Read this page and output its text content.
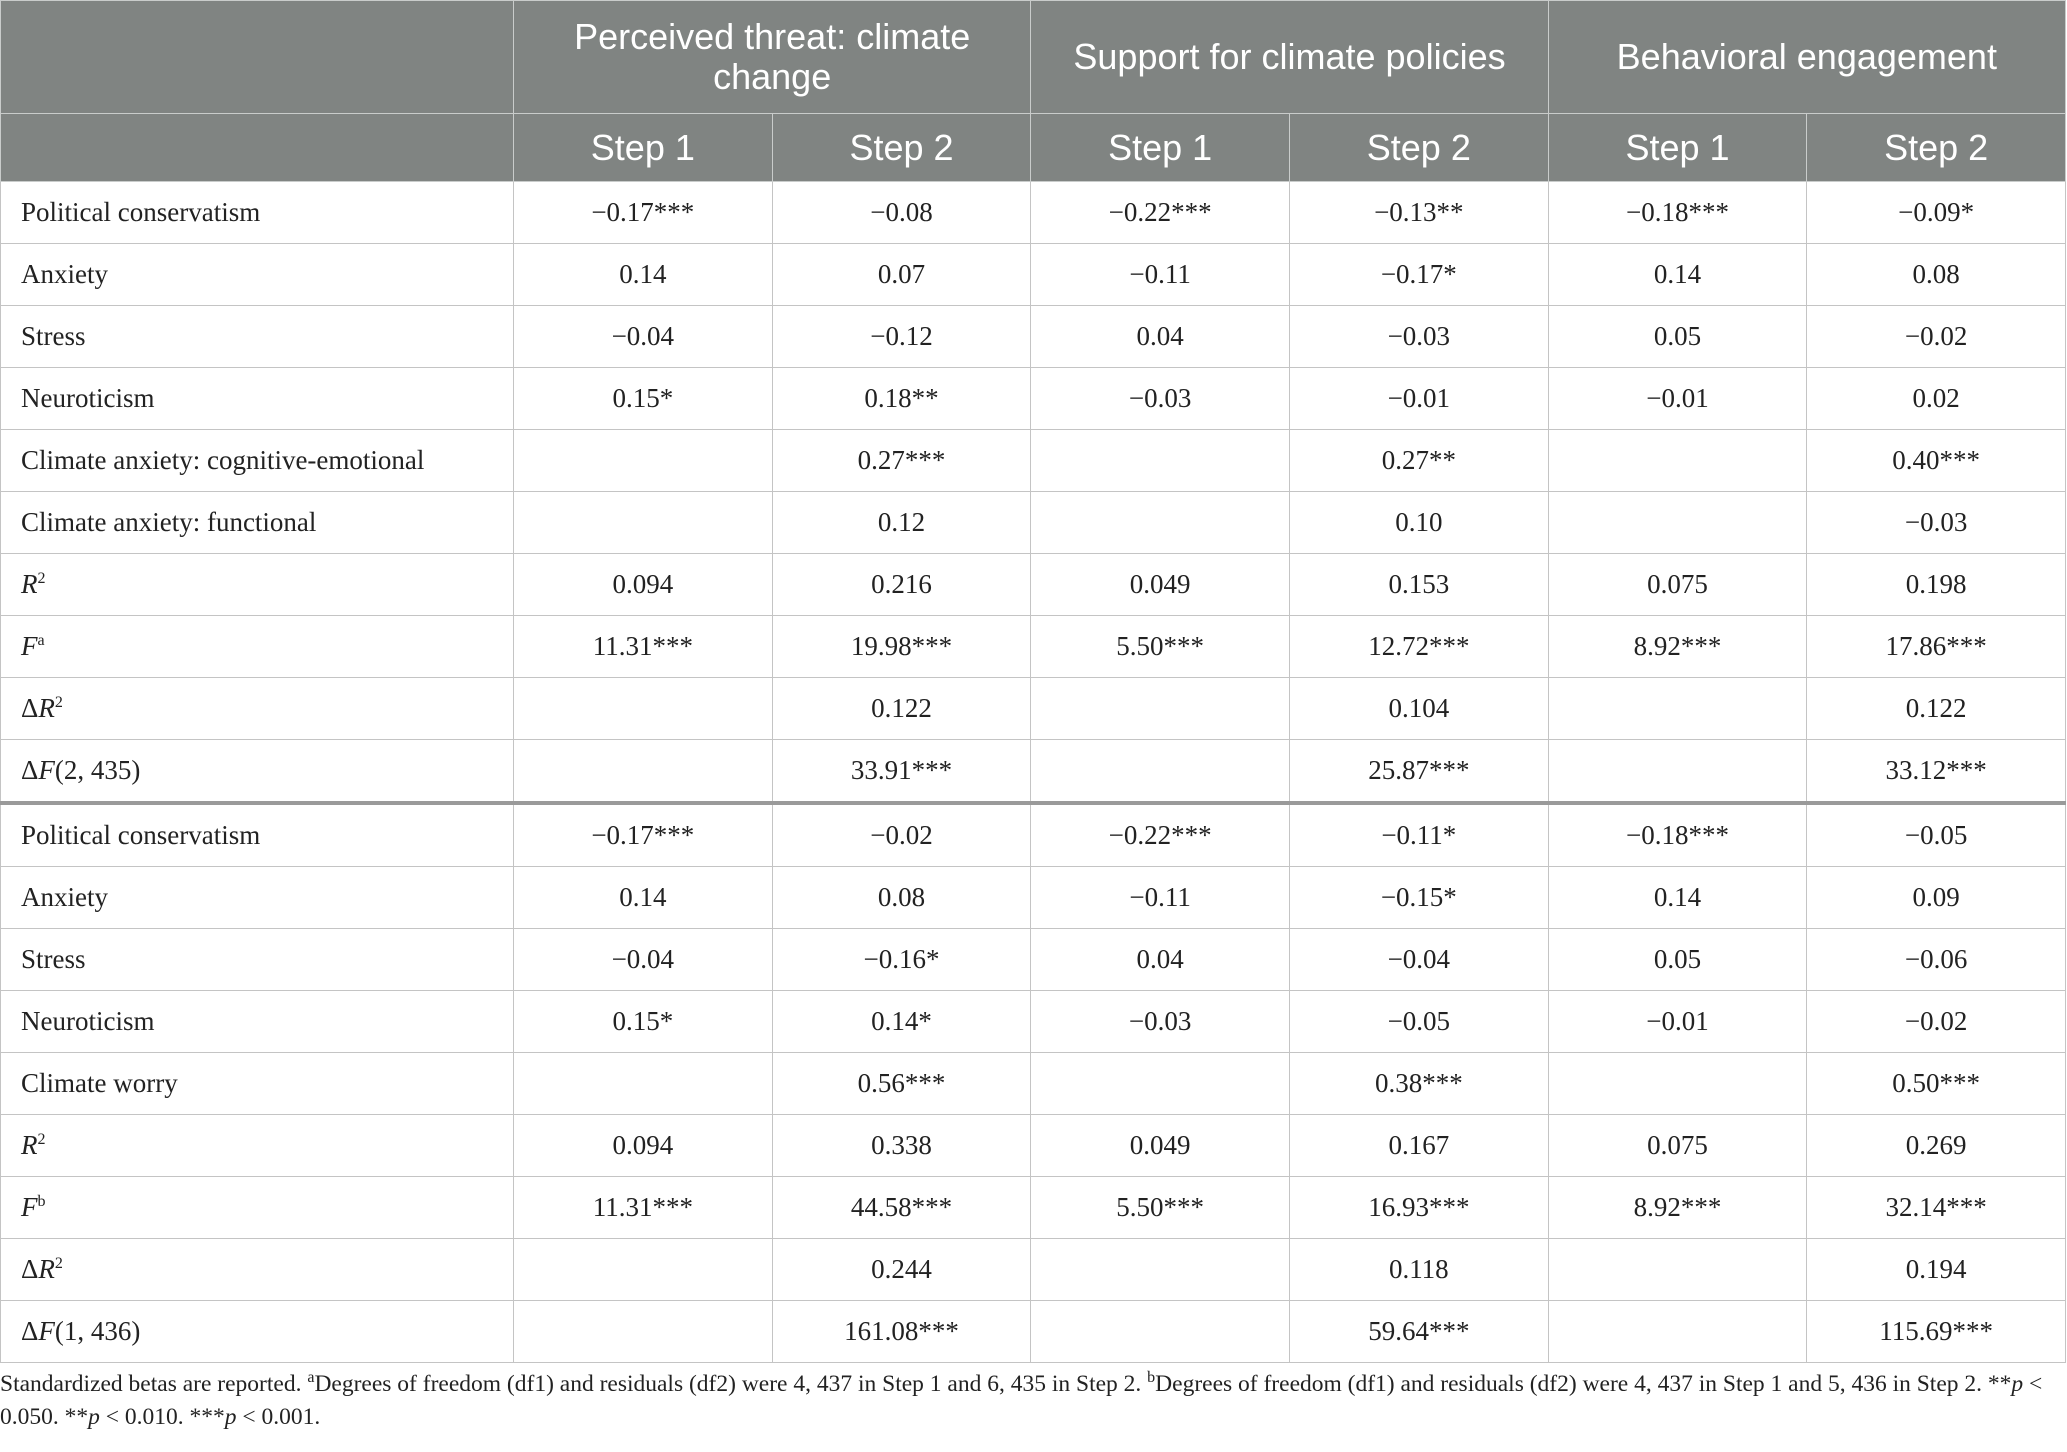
	Perceived threat: climate change		Support for climate policies		Behavioral engagement	
	Step 1	Step 2	Step 1	Step 2	Step 1	Step 2
Political conservatism	−0.17***	−0.08	−0.22***	−0.13**	−0.18***	−0.09*
Anxiety	0.14	0.07	−0.11	−0.17*	0.14	0.08
Stress	−0.04	−0.12	0.04	−0.03	0.05	−0.02
Neuroticism	0.15*	0.18**	−0.03	−0.01	−0.01	0.02
Climate anxiety: cognitive-emotional		0.27***		0.27**		0.40***
Climate anxiety: functional		0.12		0.10		−0.03
$R^2$	0.094	0.216	0.049	0.153	0.075	0.198
$F^a$	11.31***	19.98***	5.50***	12.72***	8.92***	17.86***
$\Delta R^2$		0.122		0.104		0.122
ΔF(2, 435)		33.91***		25.87***		33.12***
Political conservatism	−0.17***	−0.02	−0.22***	−0.11*	−0.18***	−0.05
Anxiety	0.14	0.08	−0.11	−0.15*	0.14	0.09
Stress	−0.04	−0.16*	0.04	−0.04	0.05	−0.06
Neuroticism	0.15*	0.14*	−0.03	−0.05	−0.01	−0.02
Climate worry		0.56***		0.38***		0.50***
$R^2$	0.094	0.338	0.049	0.167	0.075	0.269
$F^b$	11.31***	44.58***	5.50***	16.93***	8.92***	32.14***
$\Delta R^2$		0.244		0.118		0.194
ΔF(1, 436)		161.08***		59.64***		115.69***
Standardized betas are reported. $^a$Degrees of freedom (df1) and residuals (df2) were 4, 437 in Step 1 and 6, 435 in Step 2. $^b$Degrees of freedom (df1) and residuals (df2) were 4, 437 in Step 1 and 5, 436 in Step 2. **p < 0.050. **p < 0.010. ***p < 0.001.
